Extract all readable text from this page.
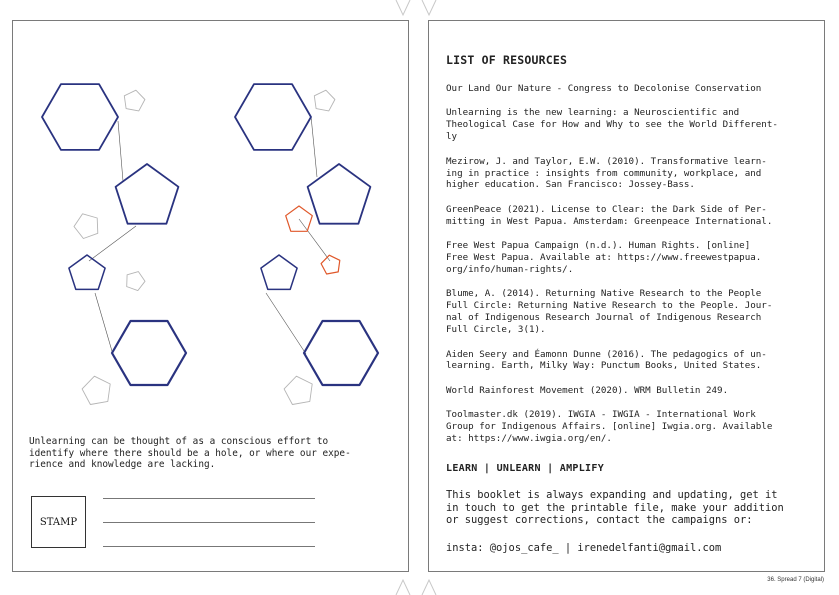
Unlearning can be thought of as a conscious effort to
identify where there should be a hole, or where our expe-
rience and knowledge are lacking.

STAMP
LIST OF RESOURCES
Our Land Our Nature - Congress to Decolonise Conservation
Unlearning is the new learning: a Neuroscientific and
Theological Case for How and Why to see the World Different-
ly
Mezirow, J. and Taylor, E.W. (2010). Transformative learn-
ing in practice : insights from community, workplace, and
higher education. San Francisco: Jossey-Bass.
GreenPeace (2021). License to Clear: the Dark Side of Per-
mitting in West Papua. Amsterdam: Greenpeace International.
Free West Papua Campaign (n.d.). Human Rights. [online]
Free West Papua. Available at: https://www.freewestpapua.
org/info/human-rights/.
Blume, A. (2014). Returning Native Research to the People
Full Circle: Returning Native Research to the People. Jour-
nal of Indigenous Research Journal of Indigenous Research
Full Circle, 3(1).
Aiden Seery and Éamonn Dunne (2016). The pedagogics of un-
learning. Earth, Milky Way: Punctum Books, United States.
World Rainforest Movement (2020). WRM Bulletin 249.
Toolmaster.dk (2019). IWGIA - IWGIA - International Work
Group for Indigenous Affairs. [online] Iwgia.org. Available
at: https://www.iwgia.org/en/.

LEARN | UNLEARN | AMPLIFY

This booklet is always expanding and updating, get it
in touch to get the printable file, make your addition
or suggest corrections, contact the campaigns or:

insta: @ojos_cafe_ | irenedelfanti@gmail.com

36. Spread 7 (Digital)
